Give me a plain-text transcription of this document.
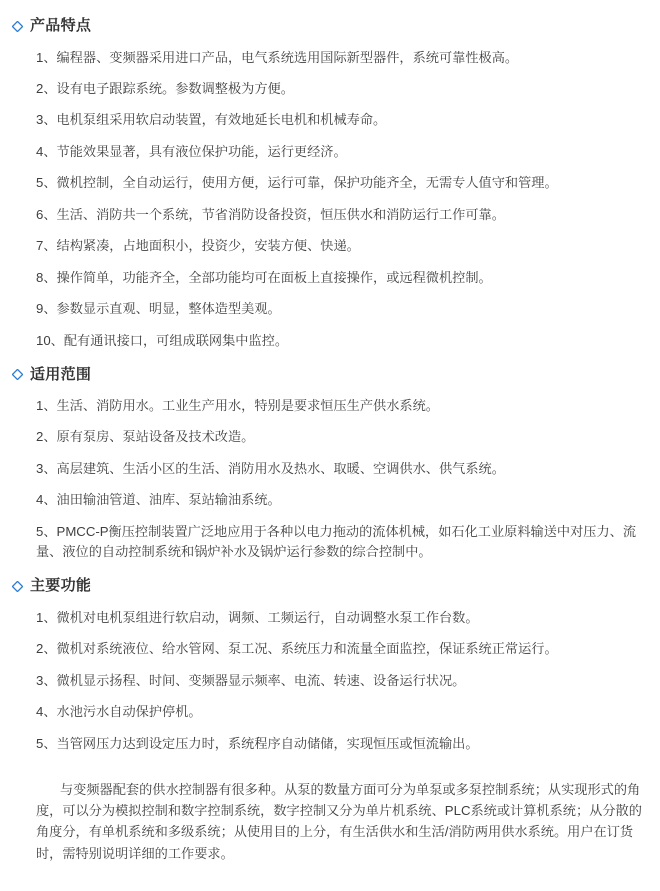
产品特点
1、编程器、变频器采用进口产品，电气系统选用国际新型器件，系统可靠性极高。
2、设有电子跟踪系统。参数调整极为方便。
3、电机泵组采用软启动装置，有效地延长电机和机械寿命。
4、节能效果显著，具有液位保护功能，运行更经济。
5、微机控制，全自动运行，使用方便，运行可靠，保护功能齐全，无需专人值守和管理。
6、生活、消防共一个系统，节省消防设备投资，恒压供水和消防运行工作可靠。
7、结构紧凑，占地面积小，投资少，安装方便、快递。
8、操作简单，功能齐全，全部功能均可在面板上直接操作，或远程微机控制。
9、参数显示直观、明显，整体造型美观。
10、配有通讯接口，可组成联网集中监控。
适用范围
1、生活、消防用水。工业生产用水，特别是要求恒压生产供水系统。
2、原有泵房、泵站设备及技术改造。
3、高层建筑、生活小区的生活、消防用水及热水、取暖、空调供水、供气系统。
4、油田输油管道、油库、泵站输油系统。
5、PMCC-P衡压控制装置广泛地应用于各种以电力拖动的流体机械，如石化工业原料输送中对压力、流量、液位的自动控制系统和锅炉补水及锅炉运行参数的综合控制中。
主要功能
1、微机对电机泵组进行软启动，调频、工频运行，自动调整水泵工作台数。
2、微机对系统液位、给水管网、泵工况、系统压力和流量全面监控，保证系统正常运行。
3、微机显示扬程、时间、变频器显示频率、电流、转速、设备运行状况。
4、水池污水自动保护停机。
5、当管网压力达到设定压力时，系统程序自动储储，实现恒压或恒流输出。

与变频器配套的供水控制器有很多种。从泵的数量方面可分为单泵或多泵控制系统；从实现形式的角度，可以分为模拟控制和数字控制系统，数字控制又分为单片机系统、PLC系统或计算机系统；从分散的角度分，有单机系统和多级系统；从使用目的上分，有生活供水和生活/消防两用供水系统。用户在订货时，需特别说明详细的工作要求。
